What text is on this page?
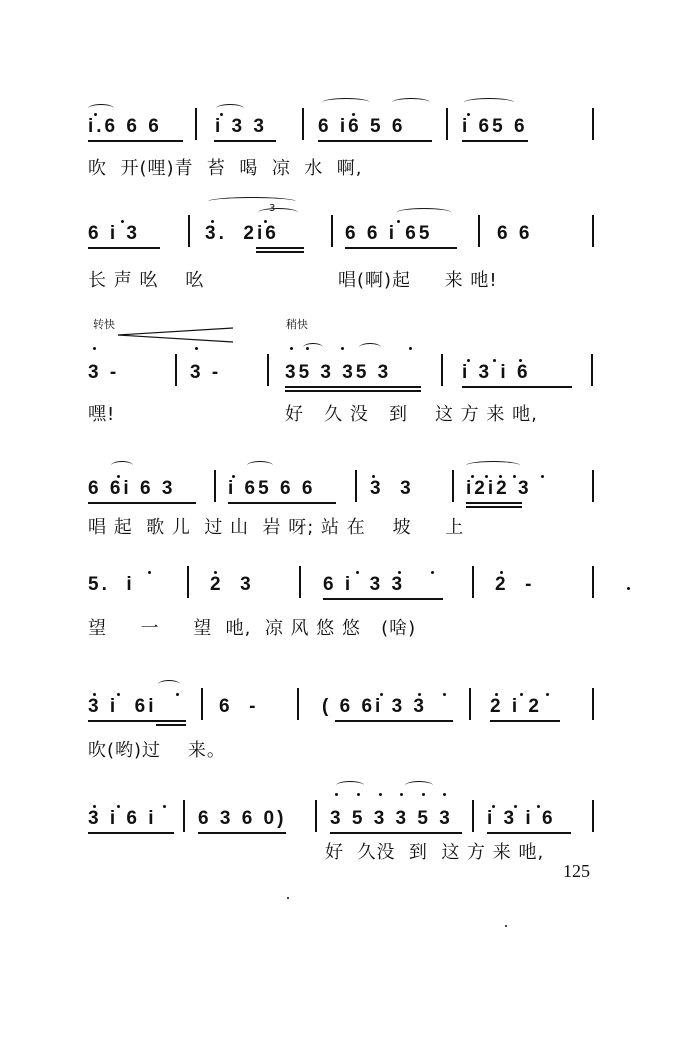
转快	稍快
3
i.6 6 6	i 3 3	6 i6 5 6	i 65 6
吹  开(哩)青  苔  喝  凉  水  啊,
6 i 3	3.  2i6	6 6 i 65	6 6
长 声 吆    吆	唱(啊)起     来 吔!
3 -	3 -	35 3 35 3	i 3 i 6
嘿!	好   久 没   到    这 方 来 吔,
6 6i 6 3	i 65 6 6	3  3	i2i2 3
唱 起  歌 儿  过 山  岩 呀; 站 在    坡     上
5.  i	2  3	6 i  3 3	2  -
望     一     望  吔,  凉 风 悠 悠   (啥)
3 i  6i	6  -	( 6 6i 3 3	2 i 2
吹(哟)过    来。
3 i 6 i 6 3 6 0) 3 5 3 3 5 3 i 3 i 6
好  久没  到  这 方 来 吔,
125
